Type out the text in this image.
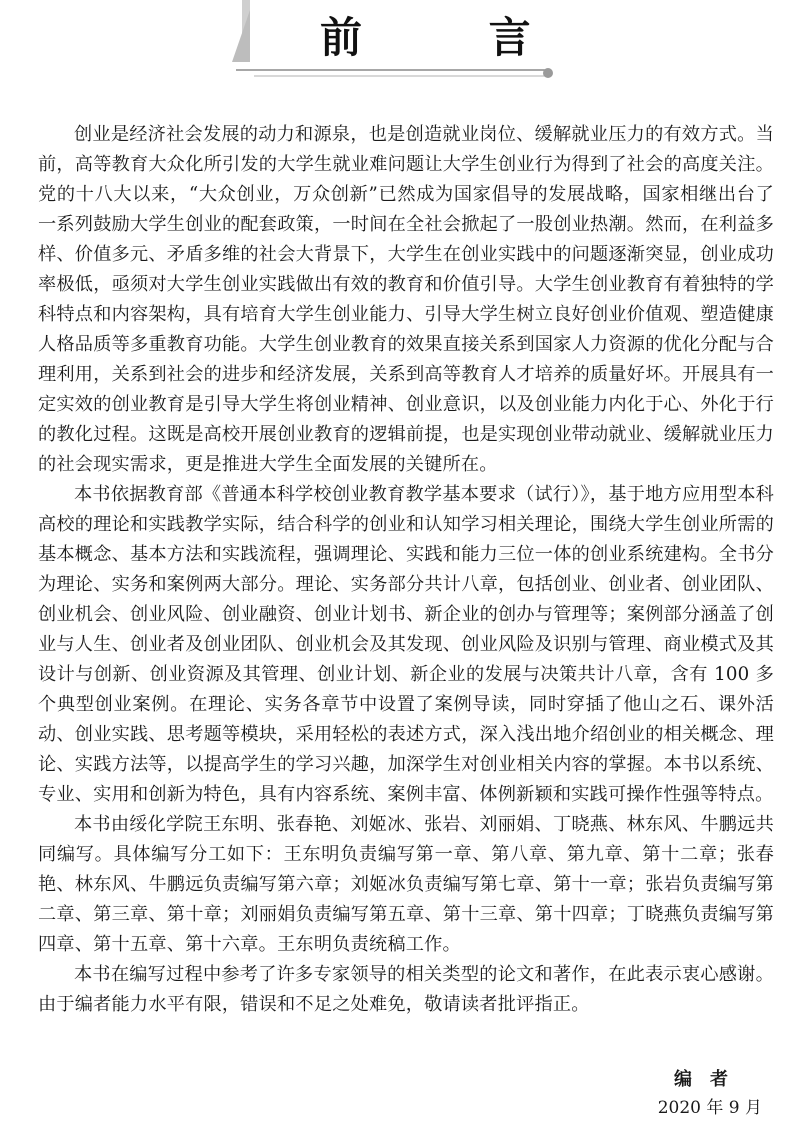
前 言

创业是经济社会发展的动力和源泉，也是创造就业岗位、缓解就业压力的有效方式。当前，高等教育大众化所引发的大学生就业难问题让大学生创业行为得到了社会的高度关注。党的十八大以来，“大众创业，万众创新”已然成为国家倡导的发展战略，国家相继出台了一系列鼓励大学生创业的配套政策，一时间在全社会掀起了一股创业热潮。然而，在利益多样、价值多元、矛盾多维的社会大背景下，大学生在创业实践中的问题逐渐突显，创业成功率极低，亟须对大学生创业实践做出有效的教育和价值引导。大学生创业教育有着独特的学科特点和内容架构，具有培育大学生创业能力、引导大学生树立良好创业价值观、塑造健康人格品质等多重教育功能。大学生创业教育的效果直接关系到国家人力资源的优化分配与合理利用，关系到社会的进步和经济发展，关系到高等教育人才培养的质量好坏。开展具有一定实效的创业教育是引导大学生将创业精神、创业意识，以及创业能力内化于心、外化于行的教化过程。这既是高校开展创业教育的逻辑前提，也是实现创业带动就业、缓解就业压力的社会现实需求，更是推进大学生全面发展的关键所在。

本书依据教育部《普通本科学校创业教育教学基本要求（试行）》，基于地方应用型本科高校的理论和实践教学实际，结合科学的创业和认知学习相关理论，围绕大学生创业所需的基本概念、基本方法和实践流程，强调理论、实践和能力三位一体的创业系统建构。全书分为理论、实务和案例两大部分。理论、实务部分共计八章，包括创业、创业者、创业团队、创业机会、创业风险、创业融资、创业计划书、新企业的创办与管理等；案例部分涵盖了创业与人生、创业者及创业团队、创业机会及其发现、创业风险及识别与管理、商业模式及其设计与创新、创业资源及其管理、创业计划、新企业的发展与决策共计八章，含有 100 多个典型创业案例。在理论、实务各章节中设置了案例导读，同时穿插了他山之石、课外活动、创业实践、思考题等模块，采用轻松的表述方式，深入浅出地介绍创业的相关概念、理论、实践方法等，以提高学生的学习兴趣，加深学生对创业相关内容的掌握。本书以系统、专业、实用和创新为特色，具有内容系统、案例丰富、体例新颖和实践可操作性强等特点。

本书由绥化学院王东明、张春艳、刘姬冰、张岩、刘丽娟、丁晓燕、林东风、牛鹏远共同编写。具体编写分工如下：王东明负责编写第一章、第八章、第九章、第十二章；张春艳、林东风、牛鹏远负责编写第六章；刘姬冰负责编写第七章、第十一章；张岩负责编写第二章、第三章、第十章；刘丽娟负责编写第五章、第十三章、第十四章；丁晓燕负责编写第四章、第十五章、第十六章。王东明负责统稿工作。

本书在编写过程中参考了许多专家领导的相关类型的论文和著作，在此表示衷心感谢。由于编者能力水平有限，错误和不足之处难免，敬请读者批评指正。

编者
2020 年 9 月
